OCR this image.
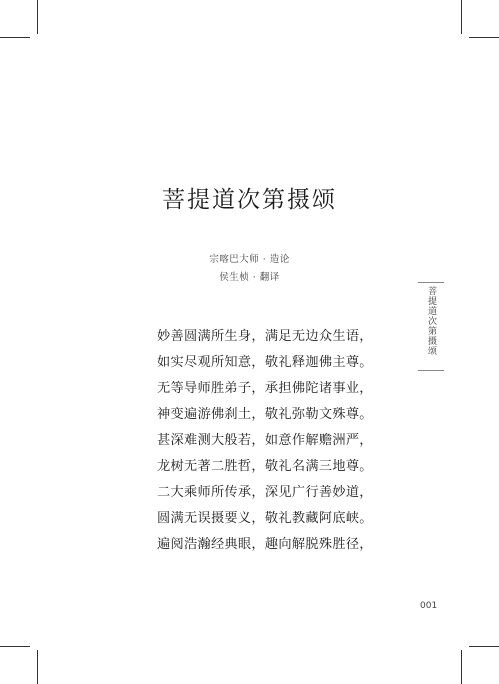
菩提道次第摄颂
宗喀巴大师 · 造论
侯生桢 · 翻译
菩提道次第摄颂
妙善圆满所生身，满足无边众生语，
如实尽观所知意，敬礼释迦佛主尊。
无等导师胜弟子，承担佛陀诸事业，
神变遍游佛刹土，敬礼弥勒文殊尊。
甚深难测大般若，如意作解赡洲严，
龙树无著二胜哲，敬礼名满三地尊。
二大乘师所传承，深见广行善妙道，
圆满无误摄要义，敬礼教藏阿底峡。
遍阅浩瀚经典眼，趣向解脱殊胜径，
001
